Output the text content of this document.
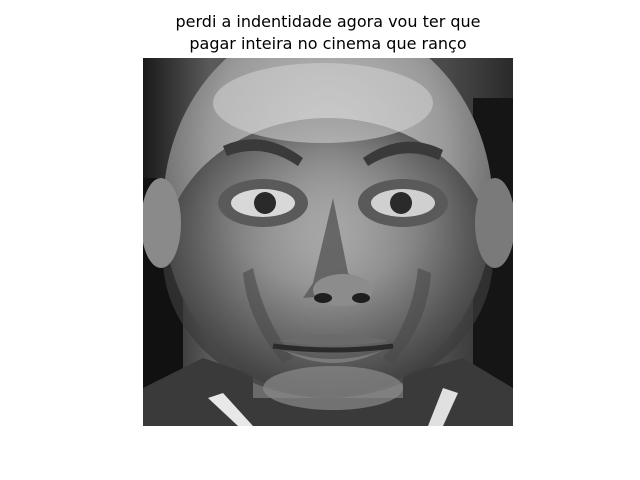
perdi a indentidade agora vou ter que
pagar inteira no cinema que ranço
